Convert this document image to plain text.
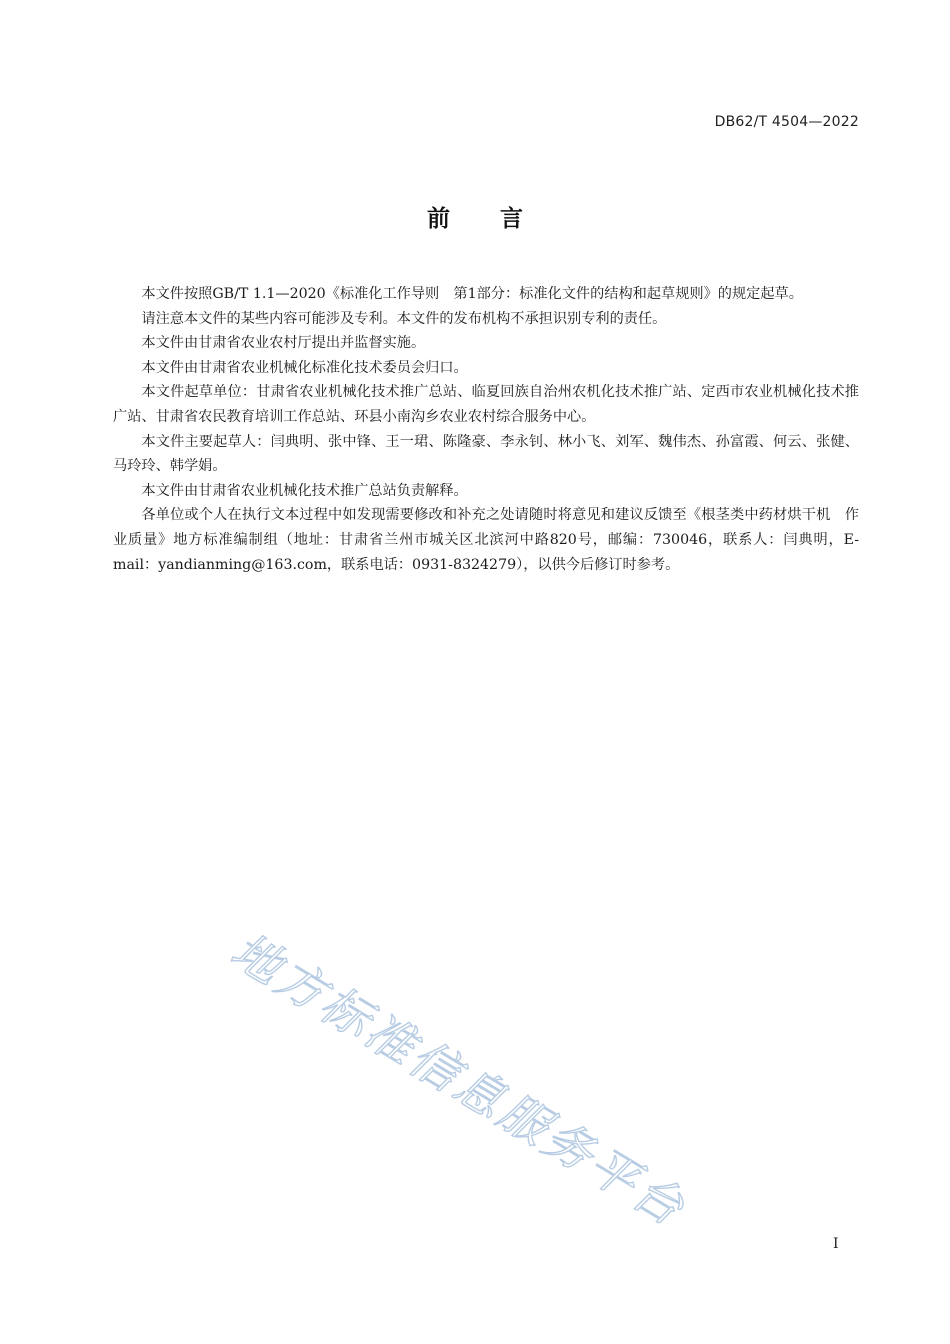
DB62/T 4504—2022
前 言

本文件按照GB/T 1.1—2020《标准化工作导则　第1部分：标准化文件的结构和起草规则》的规定起草。

请注意本文件的某些内容可能涉及专利。本文件的发布机构不承担识别专利的责任。

本文件由甘肃省农业农村厅提出并监督实施。

本文件由甘肃省农业机械化标准化技术委员会归口。

本文件起草单位：甘肃省农业机械化技术推广总站、临夏回族自治州农机化技术推广站、定西市农业机械化技术推广站、甘肃省农民教育培训工作总站、环县小南沟乡农业农村综合服务中心。

本文件主要起草人：闫典明、张中锋、王一珺、陈隆豪、李永钊、林小飞、刘军、魏伟杰、孙富霞、何云、张健、马玲玲、韩学娟。

本文件由甘肃省农业机械化技术推广总站负责解释。

各单位或个人在执行文本过程中如发现需要修改和补充之处请随时将意见和建议反馈至《根茎类中药材烘干机　作业质量》地方标准编制组（地址：甘肃省兰州市城关区北滨河中路820号，邮编：730046，联系人：闫典明，E-mail：yandianming@163.com，联系电话：0931-8324279），以供今后修订时参考。

地方标准信息服务平台
I
